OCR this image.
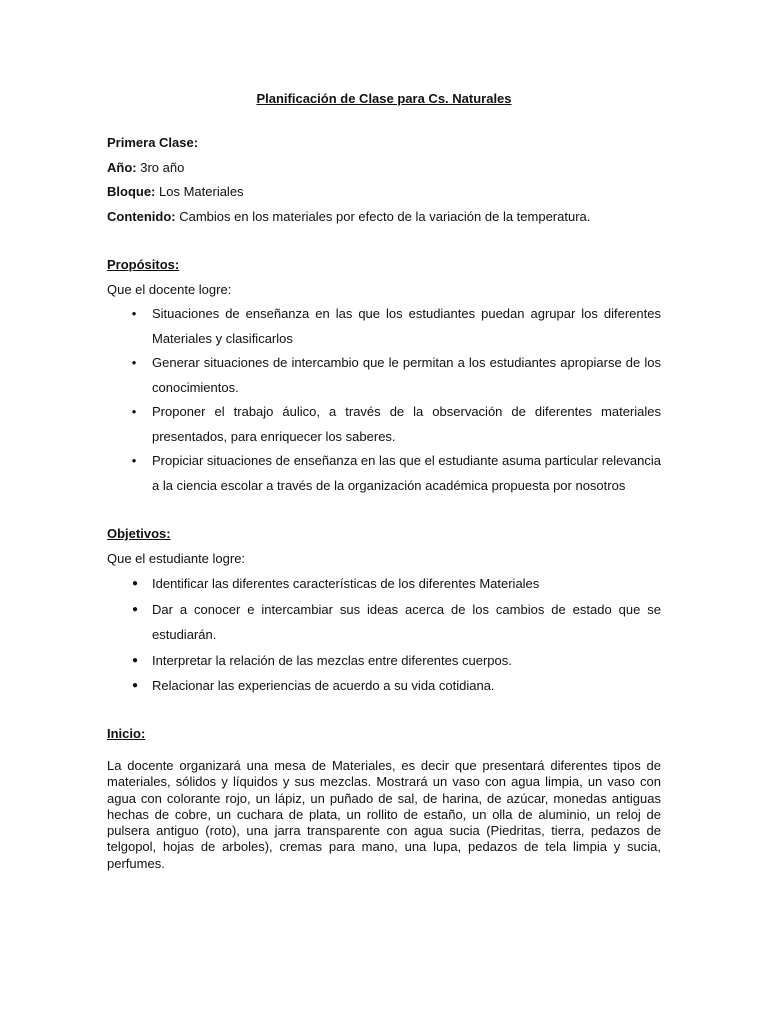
Planificación de Clase para Cs. Naturales
Primera Clase:
Año: 3ro año
Bloque: Los Materiales
Contenido: Cambios en los materiales por efecto de la variación de la temperatura.
Propósitos:
Que el docente logre:
•	Situaciones de enseñanza en las que los estudiantes puedan agrupar los diferentes Materiales y clasificarlos
•	Generar situaciones de intercambio que le permitan a los estudiantes apropiarse de los conocimientos.
•	Proponer el trabajo áulico, a través de la observación de diferentes materiales presentados, para enriquecer los saberes.
•	Propiciar situaciones de enseñanza en las que el estudiante asuma particular relevancia a la ciencia escolar a través de la organización académica propuesta por nosotros
Objetivos:
Que el estudiante logre:
●	Identificar las diferentes características de los diferentes Materiales
●	Dar a conocer e intercambiar sus ideas acerca de los cambios de estado que se estudiarán.
●	Interpretar la relación de las mezclas entre diferentes cuerpos.
●	Relacionar las experiencias de acuerdo a su vida cotidiana.
Inicio:
La docente organizará una mesa de Materiales, es decir que presentará diferentes tipos de materiales, sólidos y líquidos y sus mezclas. Mostrará un vaso con agua limpia, un vaso con agua con colorante rojo, un lápiz, un puñado de sal, de harina, de azúcar, monedas antiguas hechas de cobre, un cuchara de plata, un rollito de estaño, un olla de aluminio, un reloj de pulsera antiguo (roto), una jarra transparente con agua sucia (Piedritas, tierra, pedazos de telgopol, hojas de arboles), cremas para mano, una lupa, pedazos de tela limpia y sucia, perfumes.
